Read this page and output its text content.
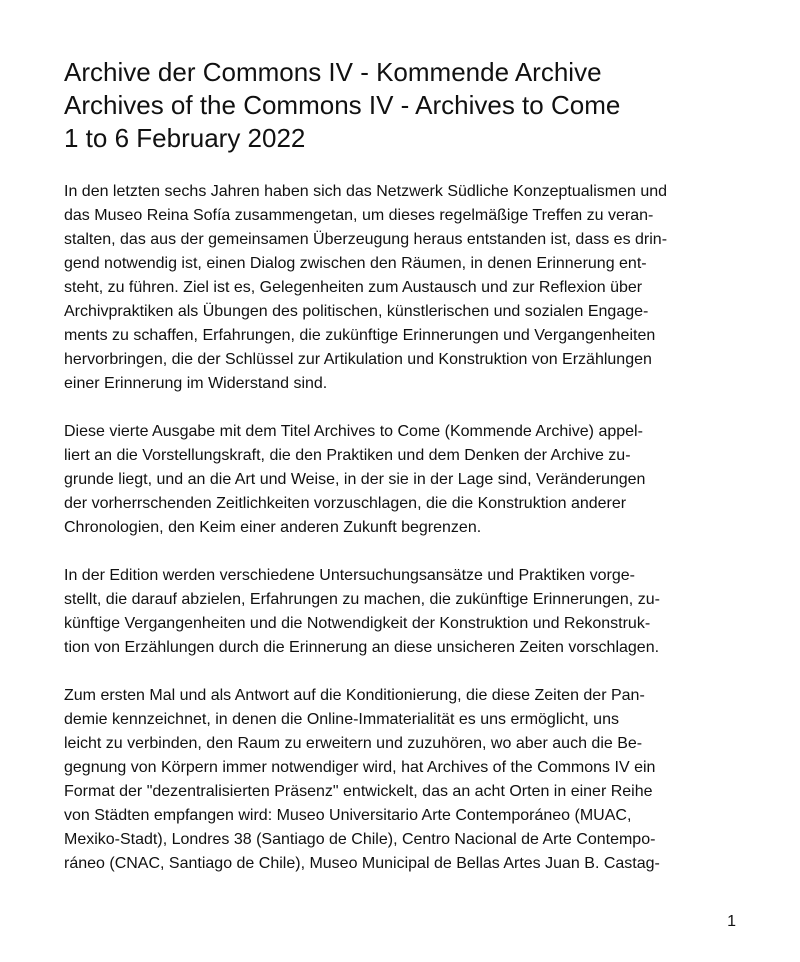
Archive der Commons IV - Kommende Archive
Archives of the Commons IV - Archives to Come
1 to 6 February 2022
In den letzten sechs Jahren haben sich das Netzwerk Südliche Konzeptualismen und
das Museo Reina Sofía zusammengetan, um dieses regelmäßige Treffen zu veran-
stalten, das aus der gemeinsamen Überzeugung heraus entstanden ist, dass es drin-
gend notwendig ist, einen Dialog zwischen den Räumen, in denen Erinnerung ent-
steht, zu führen. Ziel ist es, Gelegenheiten zum Austausch und zur Reflexion über
Archivpraktiken als Übungen des politischen, künstlerischen und sozialen Engage-
ments zu schaffen, Erfahrungen, die zukünftige Erinnerungen und Vergangenheiten
hervorbringen, die der Schlüssel zur Artikulation und Konstruktion von Erzählungen
einer Erinnerung im Widerstand sind.
Diese vierte Ausgabe mit dem Titel Archives to Come (Kommende Archive) appel-
liert an die Vorstellungskraft, die den Praktiken und dem Denken der Archive zu-
grunde liegt, und an die Art und Weise, in der sie in der Lage sind, Veränderungen
der vorherrschenden Zeitlichkeiten vorzuschlagen, die die Konstruktion anderer
Chronologien, den Keim einer anderen Zukunft begrenzen.
In der Edition werden verschiedene Untersuchungsansätze und Praktiken vorge-
stellt, die darauf abzielen, Erfahrungen zu machen, die zukünftige Erinnerungen, zu-
künftige Vergangenheiten und die Notwendigkeit der Konstruktion und Rekonstruk-
tion von Erzählungen durch die Erinnerung an diese unsicheren Zeiten vorschlagen.
Zum ersten Mal und als Antwort auf die Konditionierung, die diese Zeiten der Pan-
demie kennzeichnet, in denen die Online-Immaterialität es uns ermöglicht, uns
leicht zu verbinden, den Raum zu erweitern und zuzuhören, wo aber auch die Be-
gegnung von Körpern immer notwendiger wird, hat Archives of the Commons IV ein
Format der "dezentralisierten Präsenz" entwickelt, das an acht Orten in einer Reihe
von Städten empfangen wird: Museo Universitario Arte Contemporáneo (MUAC,
Mexiko-Stadt), Londres 38 (Santiago de Chile), Centro Nacional de Arte Contempo-
ráneo (CNAC, Santiago de Chile), Museo Municipal de Bellas Artes Juan B. Castag-
1
